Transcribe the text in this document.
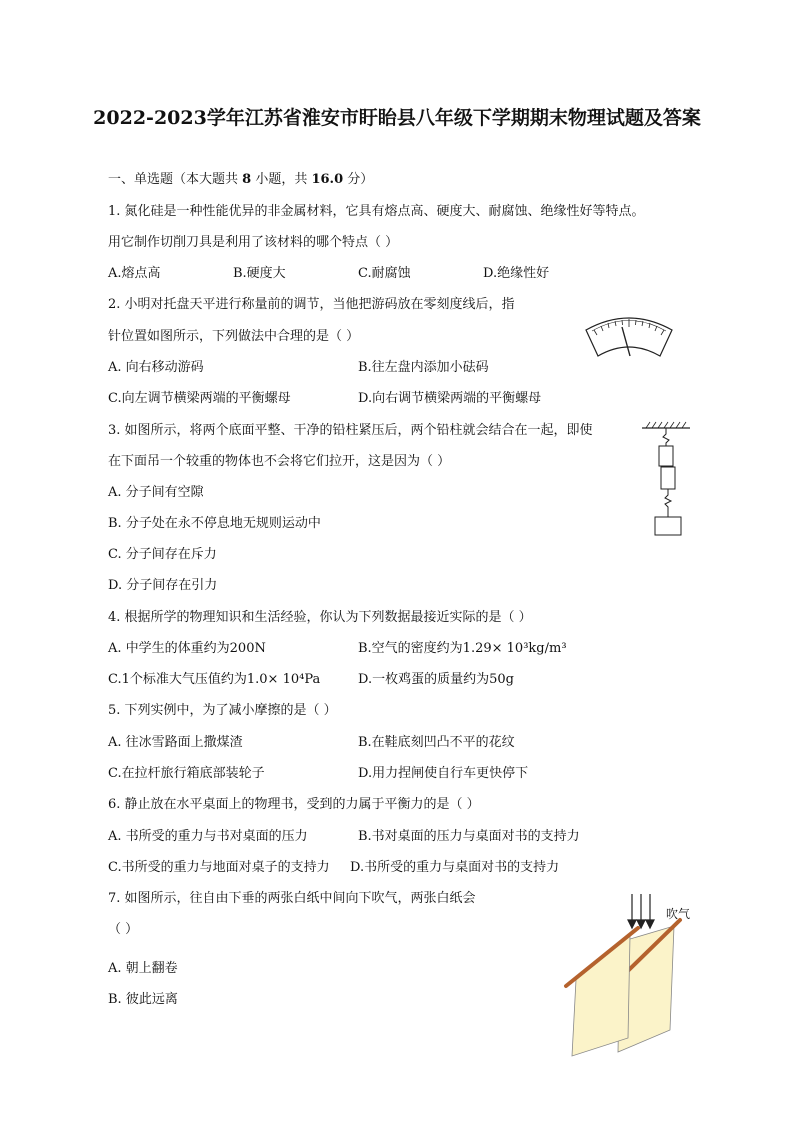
2022-2023学年江苏省淮安市盱眙县八年级下学期期末物理试题及答案
一、单选题（本大题共 8 小题，共 16.0 分）
1. 氮化硅是一种性能优异的非金属材料，它具有熔点高、硬度大、耐腐蚀、绝缘性好等特点。
用它制作切削刀具是利用了该材料的哪个特点（ ）
A.熔点高	B.硬度大	C.耐腐蚀	D.绝缘性好
2. 小明对托盘天平进行称量前的调节，当他把游码放在零刻度线后，指
针位置如图所示，下列做法中合理的是（ ）
A. 向右移动游码	B.往左盘内添加小砝码
C.向左调节横梁两端的平衡螺母	D.向右调节横梁两端的平衡螺母
3. 如图所示，将两个底面平整、干净的铅柱紧压后，两个铅柱就会结合在一起，即使
在下面吊一个较重的物体也不会将它们拉开，这是因为（ ）
A. 分子间有空隙
B. 分子处在永不停息地无规则运动中
C. 分子间存在斥力
D. 分子间存在引力
4. 根据所学的物理知识和生活经验，你认为下列数据最接近实际的是（ ）
A. 中学生的体重约为200N	B.空气的密度约为1.29× 10³kg/m³
C.1个标准大气压值约为1.0× 10⁴Pa	D.一枚鸡蛋的质量约为50g
5. 下列实例中，为了减小摩擦的是（ ）
A. 往冰雪路面上撒煤渣	B.在鞋底刻凹凸不平的花纹
C.在拉杆旅行箱底部装轮子	D.用力捏闸使自行车更快停下
6. 静止放在水平桌面上的物理书，受到的力属于平衡力的是（ ）
A. 书所受的重力与书对桌面的压力	B.书对桌面的压力与桌面对书的支持力
C.书所受的重力与地面对桌子的支持力 D.书所受的重力与桌面对书的支持力
7. 如图所示，往自由下垂的两张白纸中间向下吹气，两张白纸会
（ ）
A. 朝上翻卷
B. 彼此远离
吹气
